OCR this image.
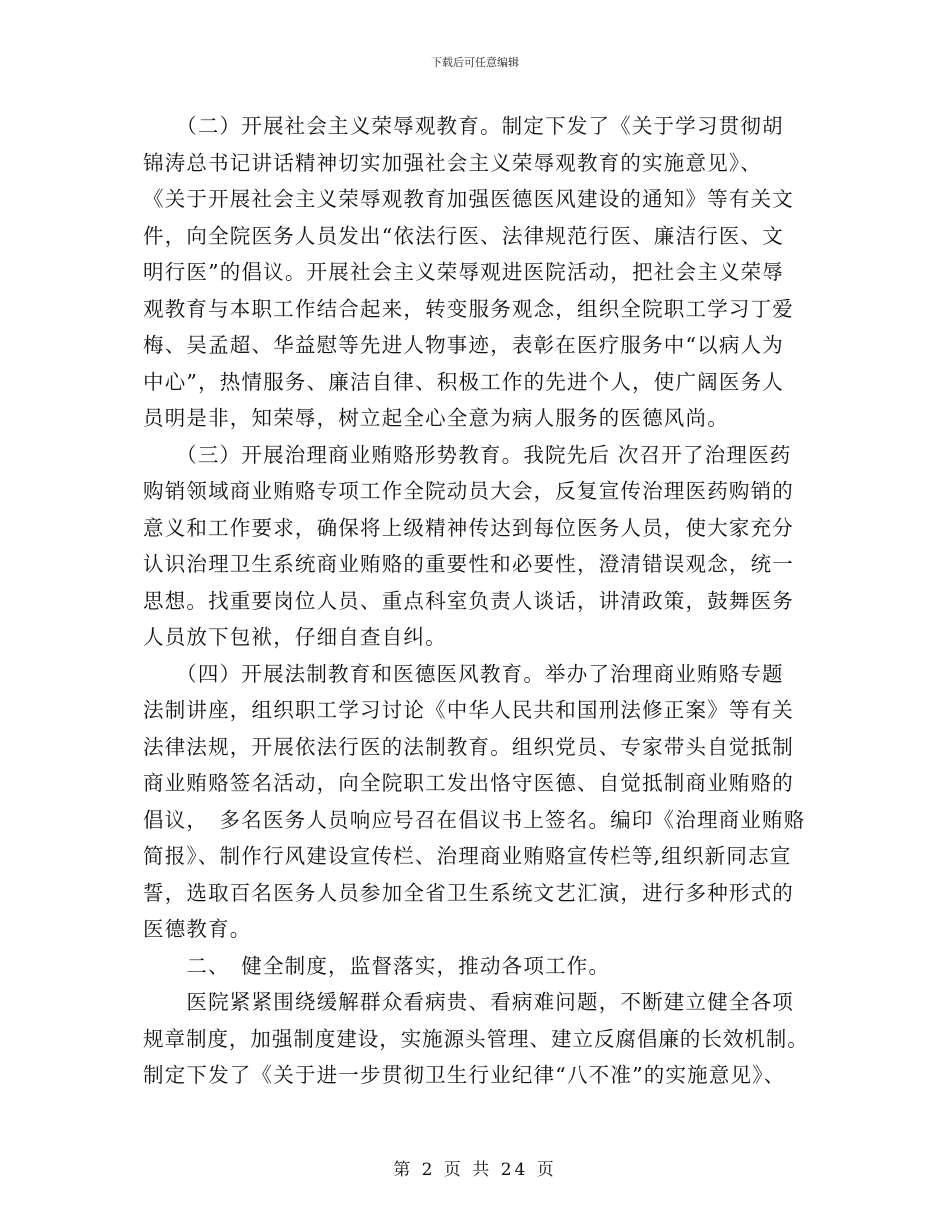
下载后可任意编辑
　　（二）开展社会主义荣辱观教育。制定下发了《关于学习贯彻胡
锦涛总书记讲话精神切实加强社会主义荣辱观教育的实施意见》、
《关于开展社会主义荣辱观教育加强医德医风建设的通知》等有关文
件，向全院医务人员发出“依法行医、法律规范行医、廉洁行医、文
明行医”的倡议。开展社会主义荣辱观进医院活动，把社会主义荣辱
观教育与本职工作结合起来，转变服务观念，组织全院职工学习丁爱
梅、吴孟超、华益慰等先进人物事迹，表彰在医疗服务中“以病人为
中心”，热情服务、廉洁自律、积极工作的先进个人，使广阔医务人
员明是非，知荣辱，树立起全心全意为病人服务的医德风尚。
　　（三）开展治理商业贿赂形势教育。我院先后 次召开了治理医药
购销领域商业贿赂专项工作全院动员大会，反复宣传治理医药购销的
意义和工作要求，确保将上级精神传达到每位医务人员，使大家充分
认识治理卫生系统商业贿赂的重要性和必要性，澄清错误观念，统一
思想。找重要岗位人员、重点科室负责人谈话，讲清政策，鼓舞医务
人员放下包袱，仔细自查自纠。
　　（四）开展法制教育和医德医风教育。举办了治理商业贿赂专题
法制讲座，组织职工学习讨论《中华人民共和国刑法修正案》等有关
法律法规，开展依法行医的法制教育。组织党员、专家带头自觉抵制
商业贿赂签名活动，向全院职工发出恪守医德、自觉抵制商业贿赂的
倡议，　多名医务人员响应号召在倡议书上签名。编印《治理商业贿赂
简报》、制作行风建设宣传栏、治理商业贿赂宣传栏等,组织新同志宣
誓，选取百名医务人员参加全省卫生系统文艺汇演，进行多种形式的
医德教育。
　　二、　健全制度，监督落实，推动各项工作。
　　医院紧紧围绕缓解群众看病贵、看病难问题，不断建立健全各项
规章制度，加强制度建设，实施源头管理、建立反腐倡廉的长效机制。
制定下发了《关于进一步贯彻卫生行业纪律“八不准”的实施意见》、
第 2 页 共 24 页
